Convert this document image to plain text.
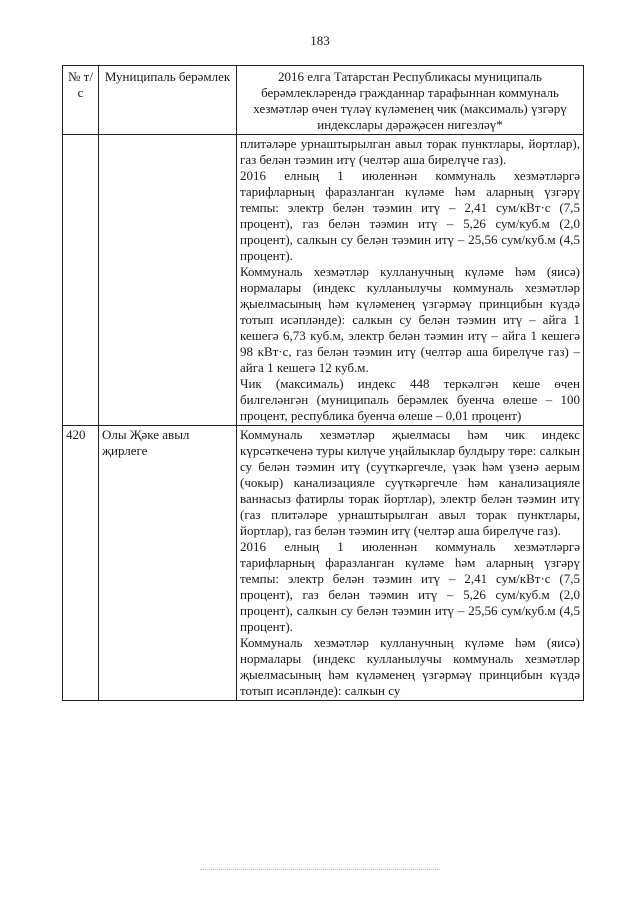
183
№ т/с	Муниципаль берәмлек	2016 елга Татарстан Республикасы муниципаль берәмлекләрендә гражданнар тарафыннан коммуналь хезмәтләр өчен түләү күләменең чик (максималь) үзгәрү индекслары дәрәҗәсен нигезләү*

		плитәләре урнаштырылган авыл торак пунктлары, йортлар), газ белән тәэмин итү (челтәр аша бирелүче газ).

2016 елның 1 июленнән коммуналь хезмәтләргә тарифларның фаразланган күләме һәм аларның үзгәрү темпы: электр белән тәэмин итү – 2,41 сум/кВт·с (7,5 процент), газ белән тәэмин итү – 5,26 сум/куб.м (2,0 процент), салкын су белән тәэмин итү – 25,56 сум/куб.м (4,5 процент).

Коммуналь хезмәтләр кулланучның күләме һәм (яисә) нормалары (индекс кулланылучы коммуналь хезмәтләр җыелмасының һәм күләменең үзгәрмәү принцибын күздә тотып исәпләнде): салкын су белән тәэмин итү – айга 1 кешегә 6,73 куб.м, электр белән тәэмин итү – айга 1 кешегә 98 кВт·с, газ белән тәэмин итү (челтәр аша бирелүче газ) – айга 1 кешегә 12 куб.м.

Чик (максималь) индекс 448 теркәлгән кеше өчен билгеләнгән (муниципаль берәмлек буенча өлеше – 100 процент, республика буенча өлеше – 0,01 процент)

420	Олы Җәке авыл җирлеге	Коммуналь хезмәтләр җыелмасы һәм чик индекс күрсәткеченә туры килүче уңайлыклар булдыру төре: салкын су белән тәэмин итү (суүткәргечле, үзәк һәм үзенә аерым (чокыр) канализацияле суүткәргечле һәм канализацияле ваннасыз фатирлы торак йортлар), электр белән тәэмин итү (газ плитәләре урнаштырылган авыл торак пунктлары, йортлар), газ белән тәэмин итү (челтәр аша бирелүче газ).

2016 елның 1 июленнән коммуналь хезмәтләргә тарифларның фаразланган күләме һәм аларның үзгәрү темпы: электр белән тәэмин итү – 2,41 сум/кВт·с (7,5 процент), газ белән тәэмин итү – 5,26 сум/куб.м (2,0 процент), салкын су белән тәэмин итү – 25,56 сум/куб.м (4,5 процент).

Коммуналь хезмәтләр кулланучның күләме һәм (яисә) нормалары (индекс кулланылучы коммуналь хезмәтләр җыелмасының һәм күләменең үзгәрмәү принцибын күздә тотып исәпләнде): салкын су
